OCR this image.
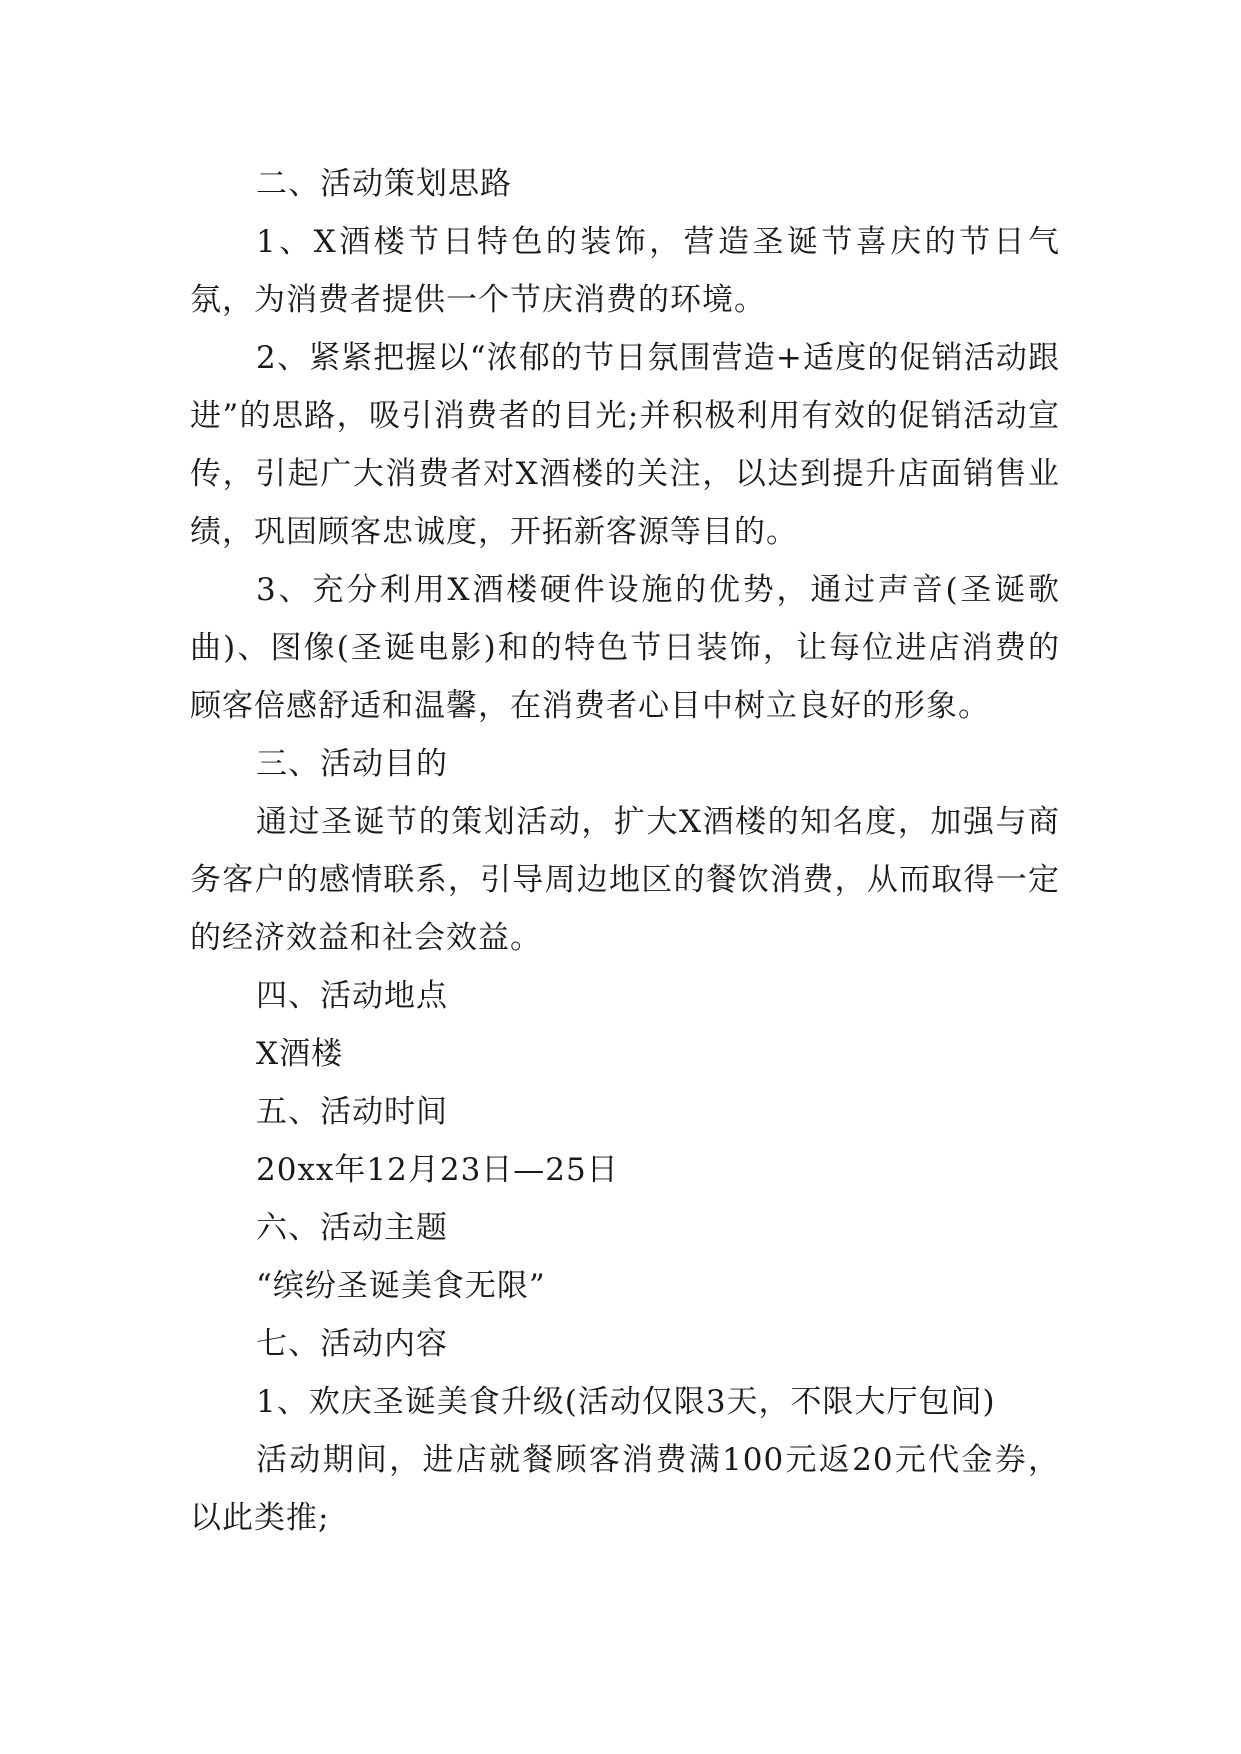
二、活动策划思路

1、X酒楼节日特色的装饰，营造圣诞节喜庆的节日气氛，为消费者提供一个节庆消费的环境。

2、紧紧把握以“浓郁的节日氛围营造+适度的促销活动跟进”的思路，吸引消费者的目光;并积极利用有效的促销活动宣传，引起广大消费者对X酒楼的关注，以达到提升店面销售业绩，巩固顾客忠诚度，开拓新客源等目的。

3、充分利用X酒楼硬件设施的优势，通过声音(圣诞歌曲)、图像(圣诞电影)和的特色节日装饰，让每位进店消费的顾客倍感舒适和温馨，在消费者心目中树立良好的形象。

三、活动目的

通过圣诞节的策划活动，扩大X酒楼的知名度，加强与商务客户的感情联系，引导周边地区的餐饮消费，从而取得一定的经济效益和社会效益。

四、活动地点

X酒楼

五、活动时间

20xx年12月23日—25日

六、活动主题

“缤纷圣诞美食无限”

七、活动内容

1、欢庆圣诞美食升级(活动仅限3天，不限大厅包间)

活动期间，进店就餐顾客消费满100元返20元代金券，以此类推;
